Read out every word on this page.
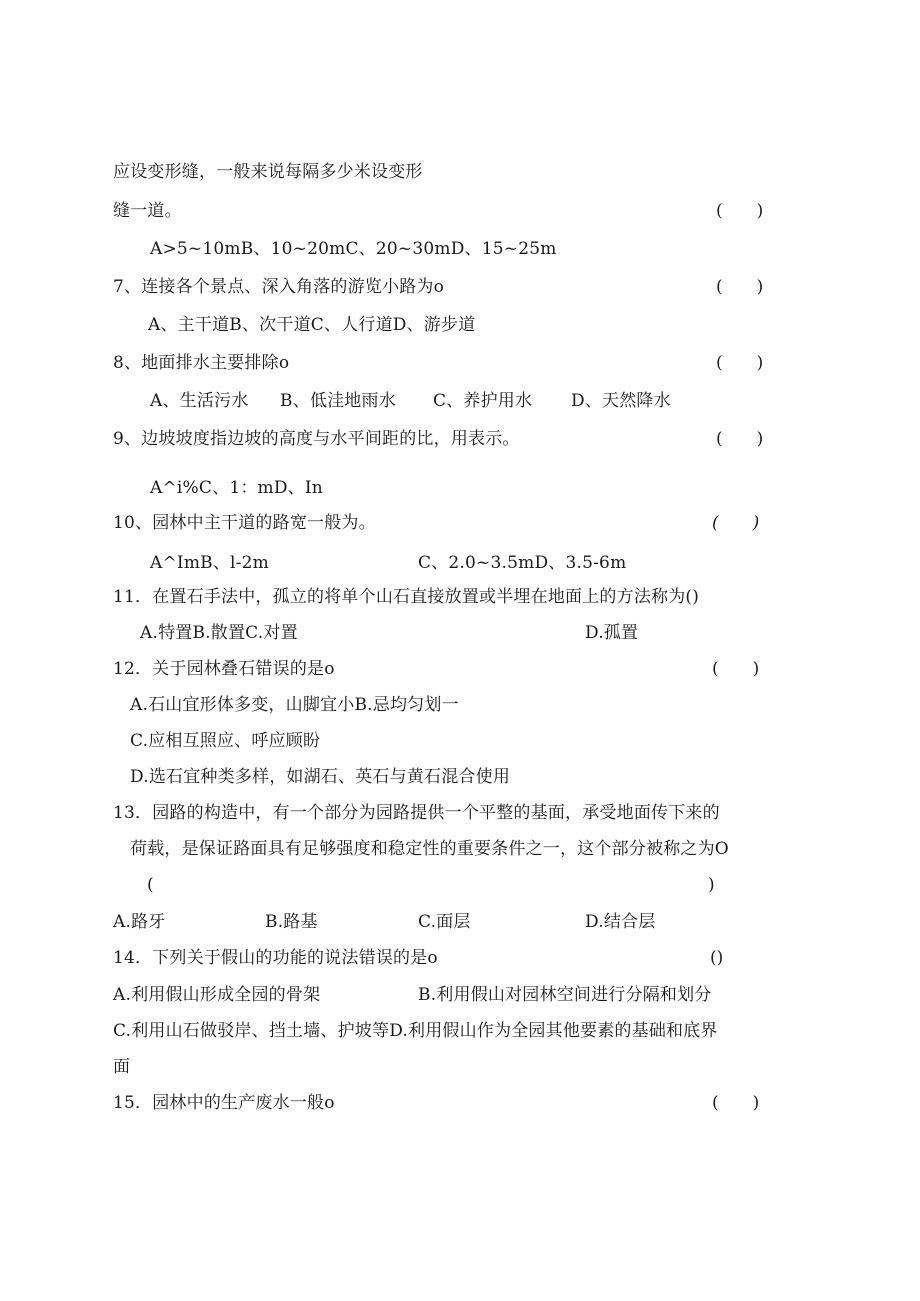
应设变形缝，一般来说每隔多少米设变形
缝一道。	(　　)
A>5~10mB、10~20mC、20~30mD、15~25m
7、连接各个景点、深入角落的游览小路为o	(　　)
A、主干道B、次干道C、人行道D、游步道
8、地面排水主要排除o	(　　)
A、生活污水 B、低洼地雨水 C、养护用水 D、天然降水
9、边坡坡度指边坡的高度与水平间距的比，用表示。	(　　)
A^i%C、1：mD、In
10、园林中主干道的路宽一般为。	(　　)
A^ImB、l-2m	C、2.0~3.5mD、3.5-6m
11．在置石手法中，孤立的将单个山石直接放置或半埋在地面上的方法称为()
A.特置B.散置C.对置	D.孤置
12．关于园林叠石错误的是o	(　　)
A.石山宜形体多变，山脚宜小B.忌均匀划一
C.应相互照应、呼应顾盼
D.选石宜种类多样，如湖石、英石与黄石混合使用
13．园路的构造中，有一个部分为园路提供一个平整的基面，承受地面传下来的
荷载，是保证路面具有足够强度和稳定性的重要条件之一，这个部分被称之为O
(	)
A.路牙	B.路基	C.面层	D.结合层
14．下列关于假山的功能的说法错误的是o	()
A.利用假山形成全园的骨架	B.利用假山对园林空间进行分隔和划分
C.利用山石做驳岸、挡土墙、护坡等D.利用假山作为全园其他要素的基础和底界
面
15．园林中的生产废水一般o	(　　)
